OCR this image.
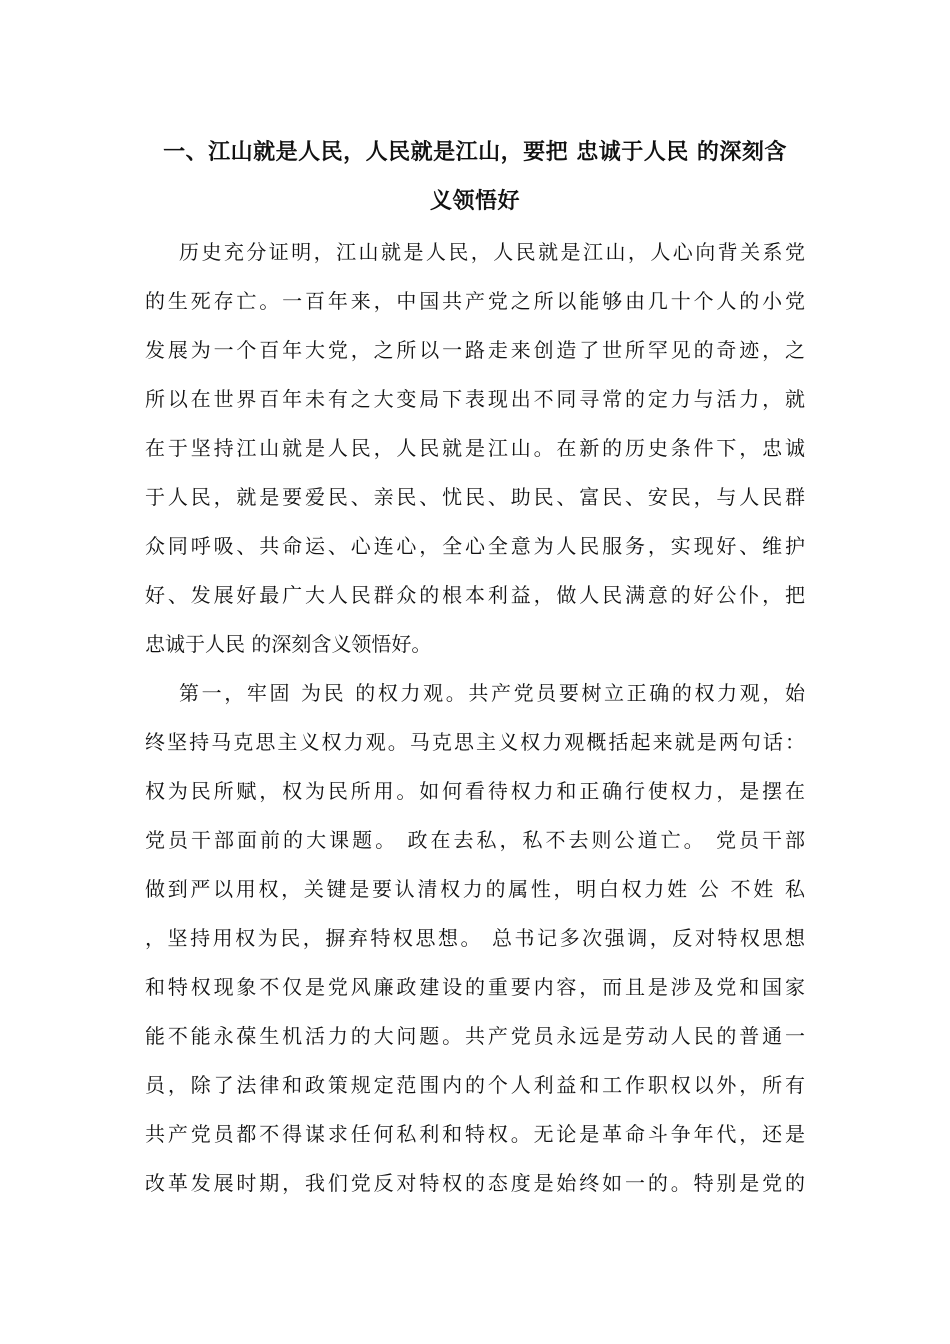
一、江山就是人民，人民就是江山，要把 忠诚于人民 的深刻含
义领悟好
历史充分证明，江山就是人民，人民就是江山，人心向背关系党
的生死存亡。一百年来，中国共产党之所以能够由几十个人的小党
发展为一个百年大党，之所以一路走来创造了世所罕见的奇迹，之
所以在世界百年未有之大变局下表现出不同寻常的定力与活力，就
在于坚持江山就是人民，人民就是江山。在新的历史条件下，忠诚
于人民，就是要爱民、亲民、忧民、助民、富民、安民，与人民群
众同呼吸、共命运、心连心，全心全意为人民服务，实现好、维护
好、发展好最广大人民群众的根本利益，做人民满意的好公仆，把
忠诚于人民 的深刻含义领悟好。
第一，牢固 为民 的权力观。共产党员要树立正确的权力观，始
终坚持马克思主义权力观。马克思主义权力观概括起来就是两句话：
权为民所赋，权为民所用。如何看待权力和正确行使权力，是摆在
党员干部面前的大课题。 政在去私，私不去则公道亡。 党员干部
做到严以用权，关键是要认清权力的属性，明白权力姓 公 不姓 私
，坚持用权为民，摒弃特权思想。 总书记多次强调，反对特权思想
和特权现象不仅是党风廉政建设的重要内容，而且是涉及党和国家
能不能永葆生机活力的大问题。共产党员永远是劳动人民的普通一
员，除了法律和政策规定范围内的个人利益和工作职权以外，所有
共产党员都不得谋求任何私利和特权。无论是革命斗争年代，还是
改革发展时期，我们党反对特权的态度是始终如一的。特别是党的
